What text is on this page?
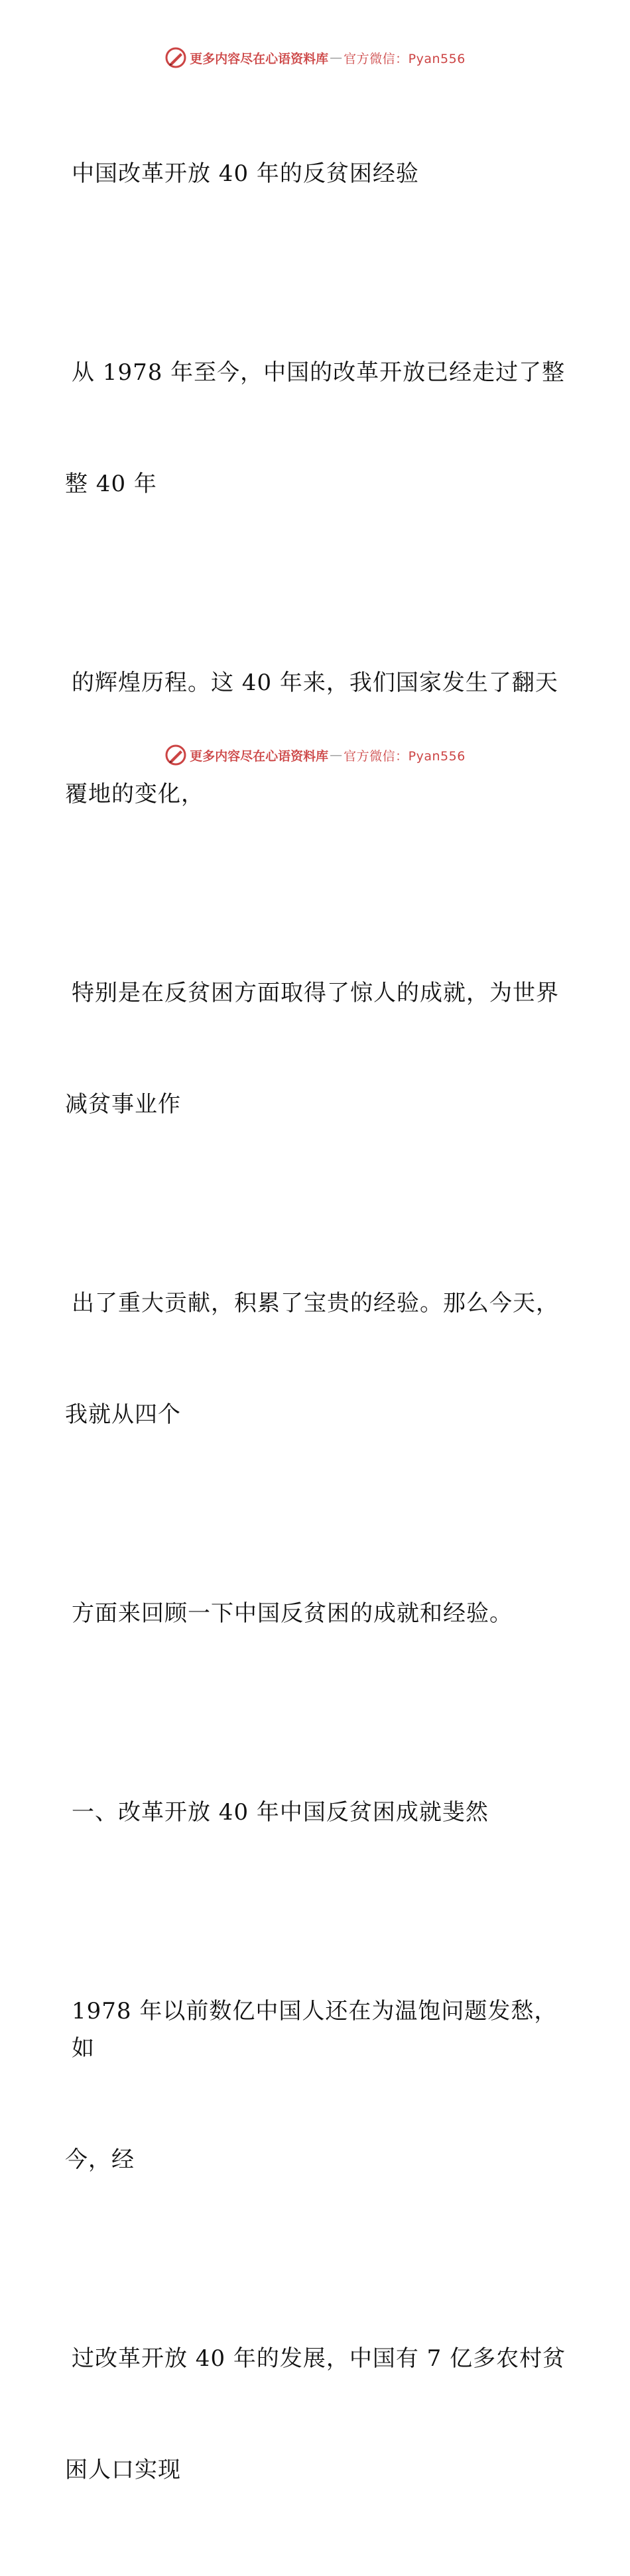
更多内容尽在心语资料库 — 官方微信：Pyan556

中国改革开放 40 年的反贫困经验

从 1978 年至今，中国的改革开放已经走过了整

整 40 年

的辉煌历程。这 40 年来，我们国家发生了翻天

覆地的变化，

特别是在反贫困方面取得了惊人的成就，为世界

减贫事业作

出了重大贡献，积累了宝贵的经验。那么今天，

我就从四个

方面来回顾一下中国反贫困的成就和经验。

一、改革开放 40 年中国反贫困成就斐然

1978 年以前数亿中国人还在为温饱问题发愁，如

今，经

过改革开放 40 年的发展，中国有 7 亿多农村贫

困人口实现

更多内容尽在心语资料库 — 官方微信：Pyan556
